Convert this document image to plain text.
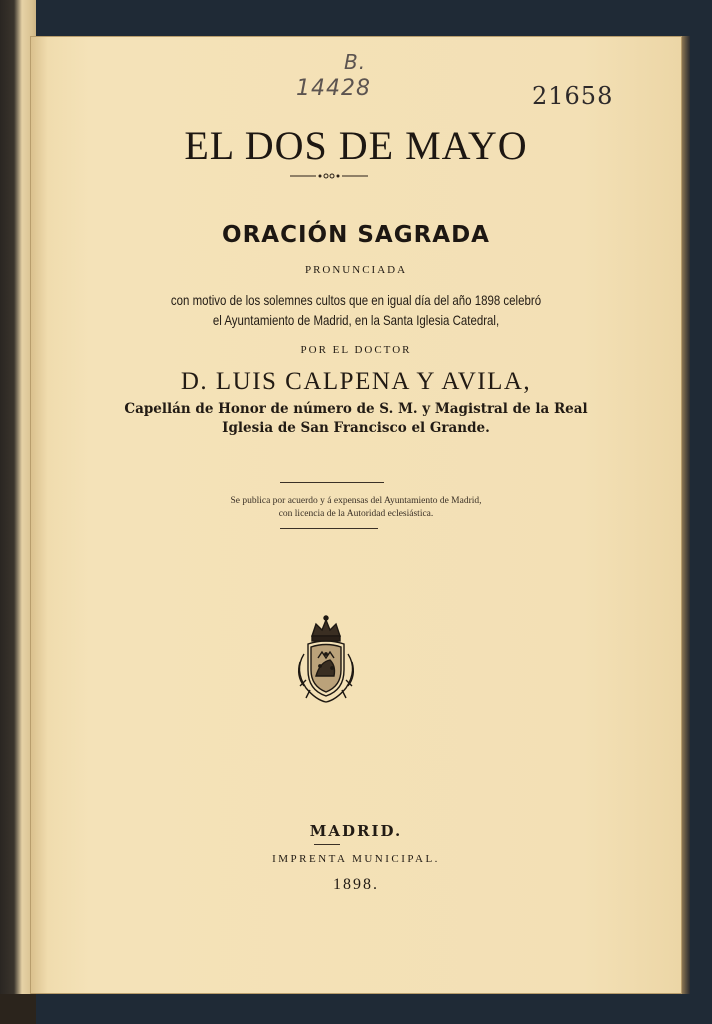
B.
14428	21658
EL DOS DE MAYO
ORACIÓN SAGRADA
PRONUNCIADA
con motivo de los solemnes cultos que en igual día del año 1898 celebró
el Ayuntamiento de Madrid, en la Santa Iglesia Catedral,
POR EL DOCTOR
D. LUIS CALPENA Y AVILA,
Capellán de Honor de número de S. M. y Magistral de la Real
Iglesia de San Francisco el Grande.
Se publica por acuerdo y á expensas del Ayuntamiento de Madrid,
con licencia de la Autoridad eclesiástica.
MADRID.
IMPRENTA MUNICIPAL.
1898.
